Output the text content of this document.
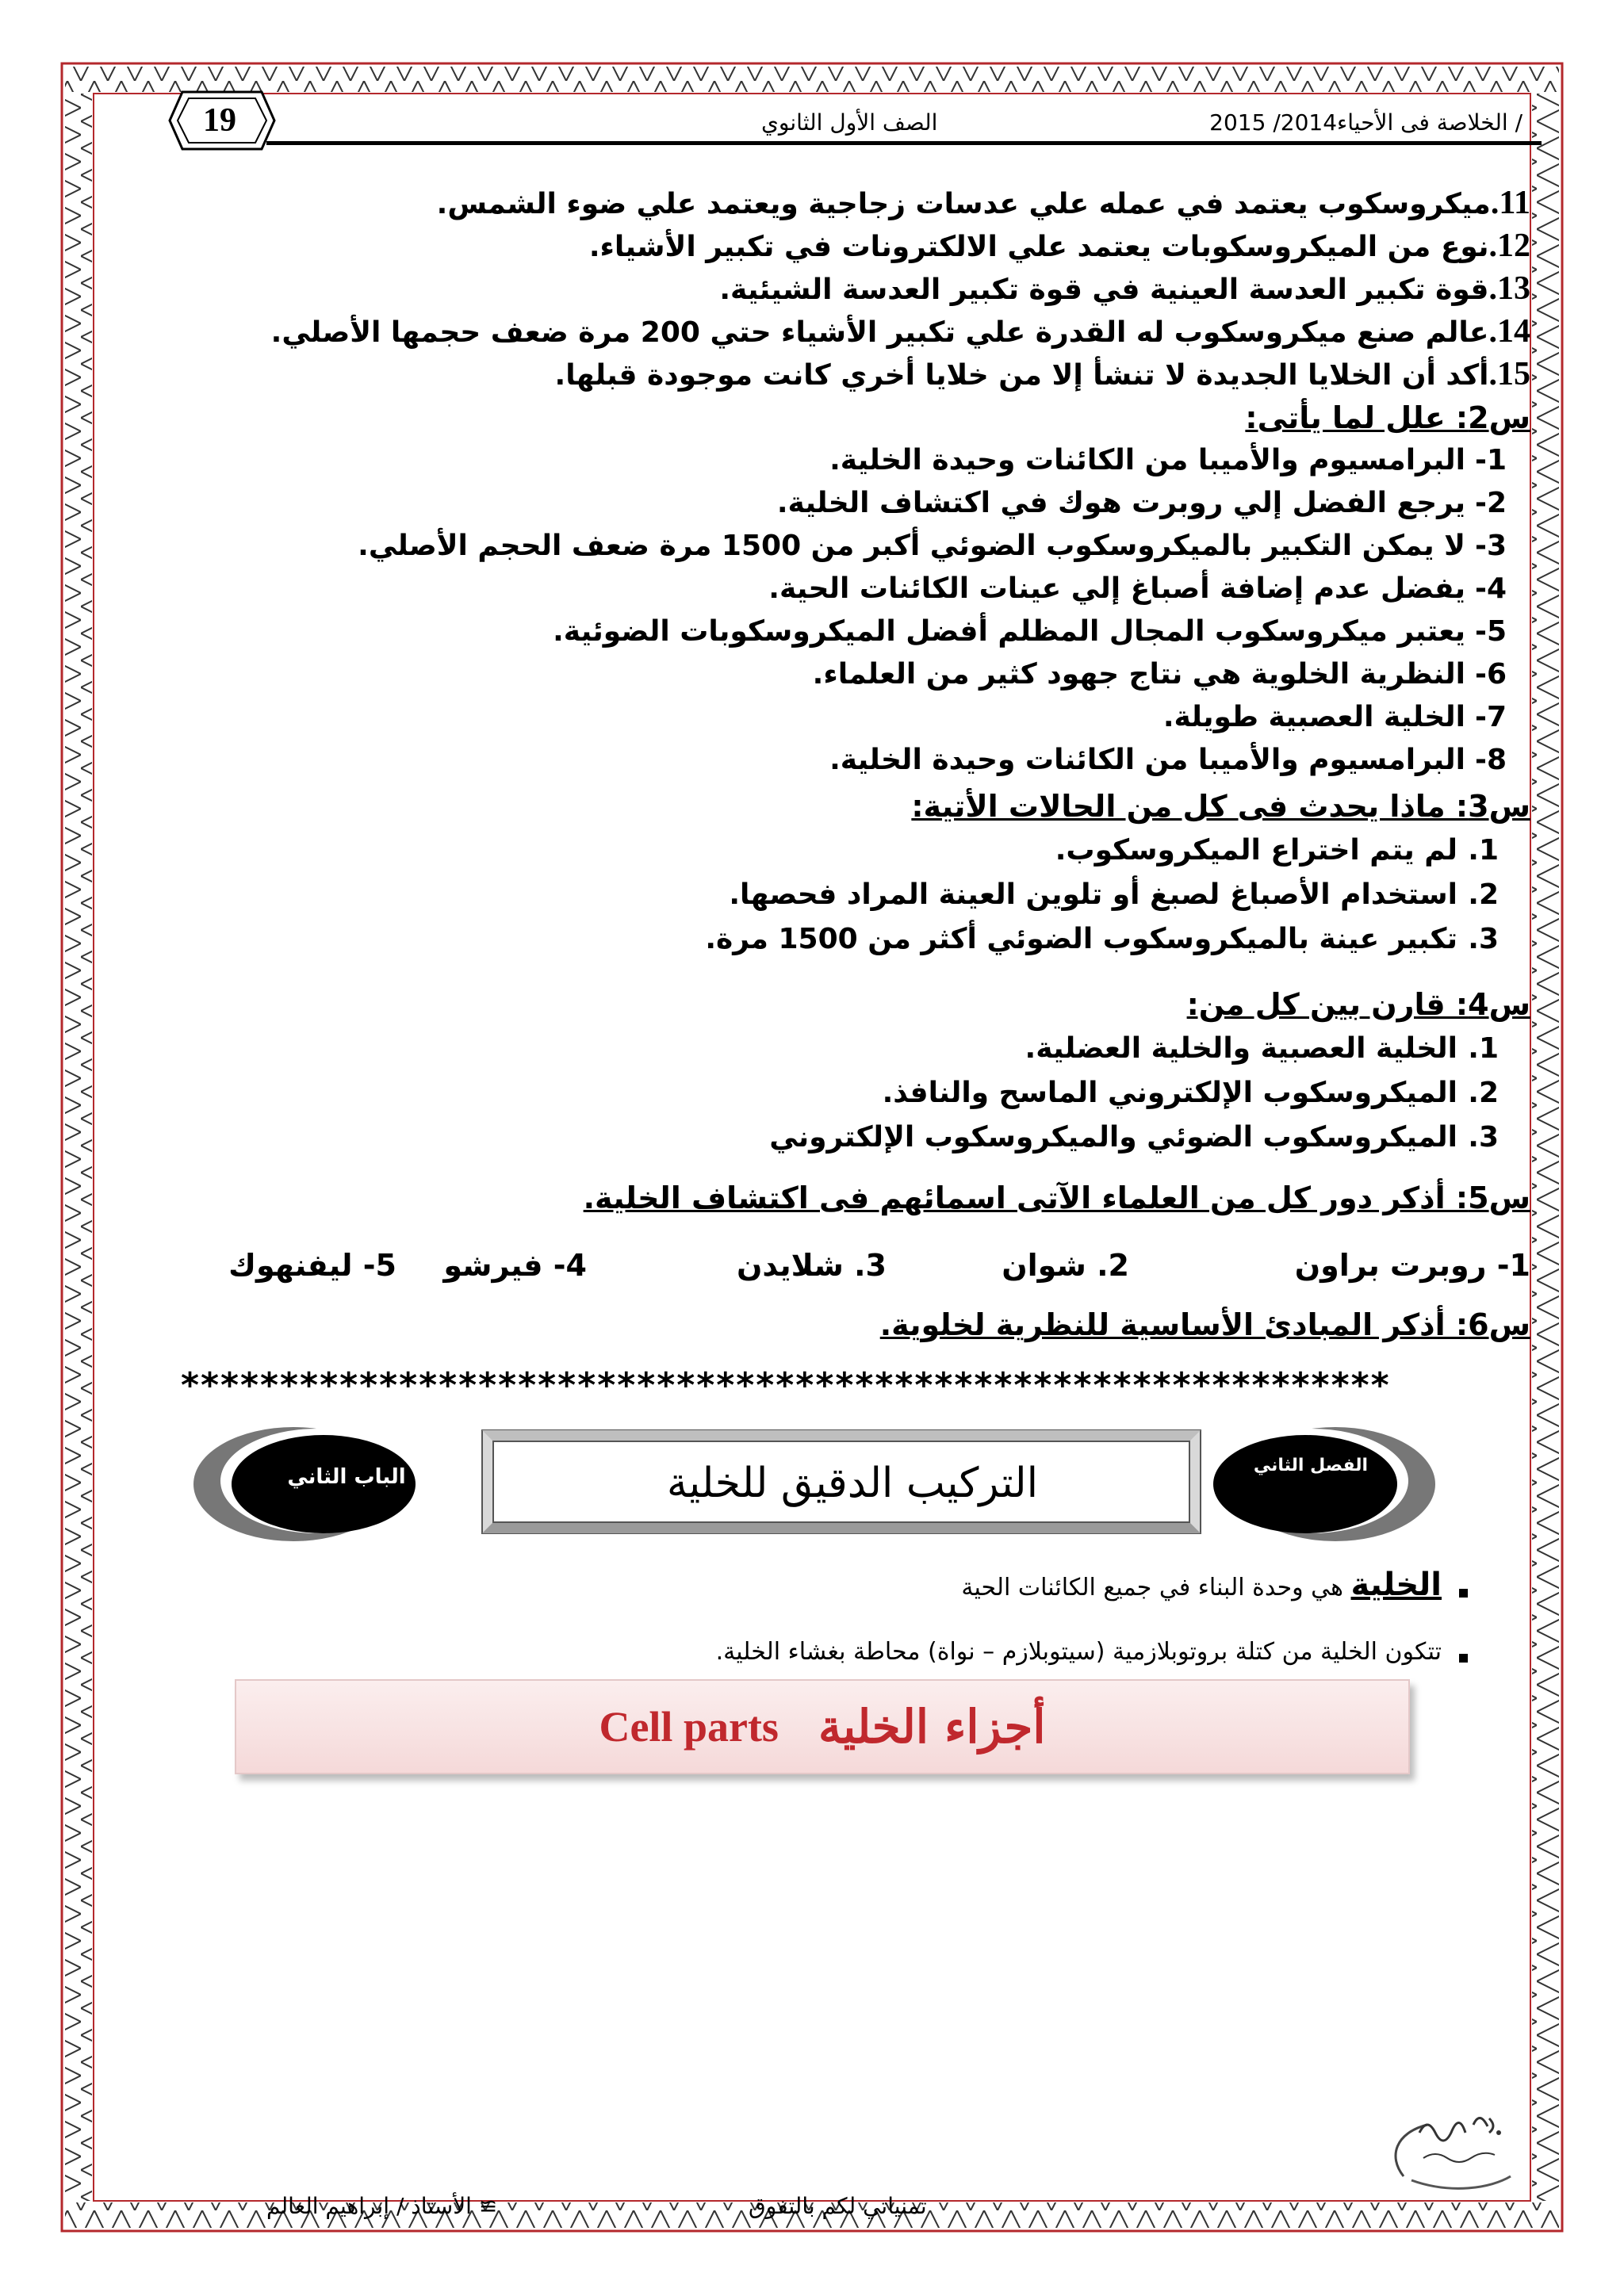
19	/ الخلاصة فى الأحياء2014/ 2015
الصف الأول الثانوي
11.ميكروسكوب يعتمد في عمله علي عدسات زجاجية ويعتمد علي ضوء الشمس.
12.نوع من الميكروسكوبات يعتمد علي الالكترونات في تكبير الأشياء.
13.قوة تكبير العدسة العينية في قوة تكبير العدسة الشيئية.
14.عالم صنع ميكروسكوب له القدرة علي تكبير الأشياء حتي 200 مرة ضعف حجمها الأصلي.
15.أكد أن الخلايا الجديدة لا تنشأ إلا من خلايا أخري كانت موجودة قبلها.
س2: علل لما يأتى:
1-البرامسيوم والأميبا من الكائنات وحيدة الخلية.
2-يرجع الفضل إلي روبرت هوك في اكتشاف الخلية.
3-لا يمكن التكبير بالميكروسكوب الضوئي أكبر من 1500 مرة ضعف الحجم الأصلي.
4-يفضل عدم إضافة أصباغ إلي عينات الكائنات الحية.
5-يعتبر ميكروسكوب المجال المظلم أفضل الميكروسكوبات الضوئية.
6-النظرية الخلوية هي نتاج جهود كثير من العلماء.
7-الخلية العصبية طويلة.
8-البرامسيوم والأميبا من الكائنات وحيدة الخلية.
س3: ماذا يحدث فى كل من الحالات الأتية:
1.لم يتم اختراع الميكروسكوب.
2.استخدام الأصباغ لصبغ أو تلوين العينة المراد فحصها.
3.تكبير عينة بالميكروسكوب الضوئي أكثر من 1500 مرة.
س4: قارن بين كل من:
1.الخلية العصبية والخلية العضلية.
2.الميكروسكوب الإلكتروني الماسح والنافذ.
3.الميكروسكوب الضوئي والميكروسكوب الإلكتروني
س5: أذكر دور كل من العلماء الآتى اسمائهم فى اكتشاف الخلية.
1- روبرت براون
2. شوان
3. شلايدن
4- فيرشو
5- ليفنهوك
س6: أذكر المبادئ الأساسية للنظرية لخلوية.
*************************************************************
التركيب الدقيق للخلية
الباب الثاني	الفصل الثاني
الخلية هي وحدة البناء في جميع الكائنات الحية
تتكون الخلية من كتلة بروتوبلازمية (سيتوبلازم – نواة) محاطة بغشاء الخلية.
Cell parts أجزاء الخلية
≅ الأستاذ / إبراهيم العالم	تمنياتي لكم بالتفوق
